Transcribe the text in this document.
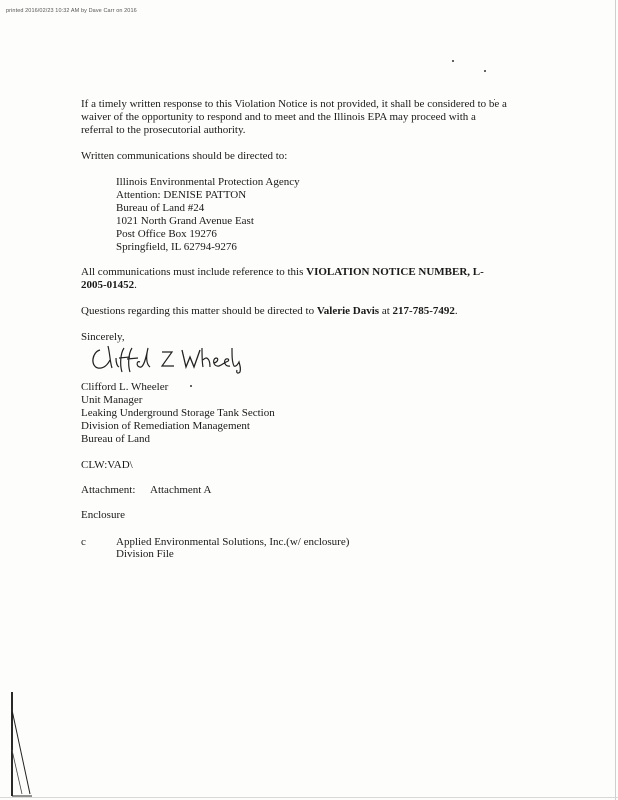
printed 2016/02/23 10:32 AM by Dave Carr on 2016
If a timely written response to this Violation Notice is not provided, it shall be considered to be a
waiver of the opportunity to respond and to meet and the Illinois EPA may proceed with a
referral to the prosecutorial authority.
Written communications should be directed to:
Illinois Environmental Protection Agency
Attention: DENISE PATTON
Bureau of Land #24
1021 North Grand Avenue East
Post Office Box 19276
Springfield, IL 62794-9276
All communications must include reference to this VIOLATION NOTICE NUMBER, L-
2005-01452.
Questions regarding this matter should be directed to Valerie Davis at 217-785-7492.
Sincerely,
Clifford L. Wheeler
Unit Manager
Leaking Underground Storage Tank Section
Division of Remediation Management
Bureau of Land
CLW:VAD\
Attachment: Attachment A
Enclosure
c	Applied Environmental Solutions, Inc.(w/ enclosure)
Division File
